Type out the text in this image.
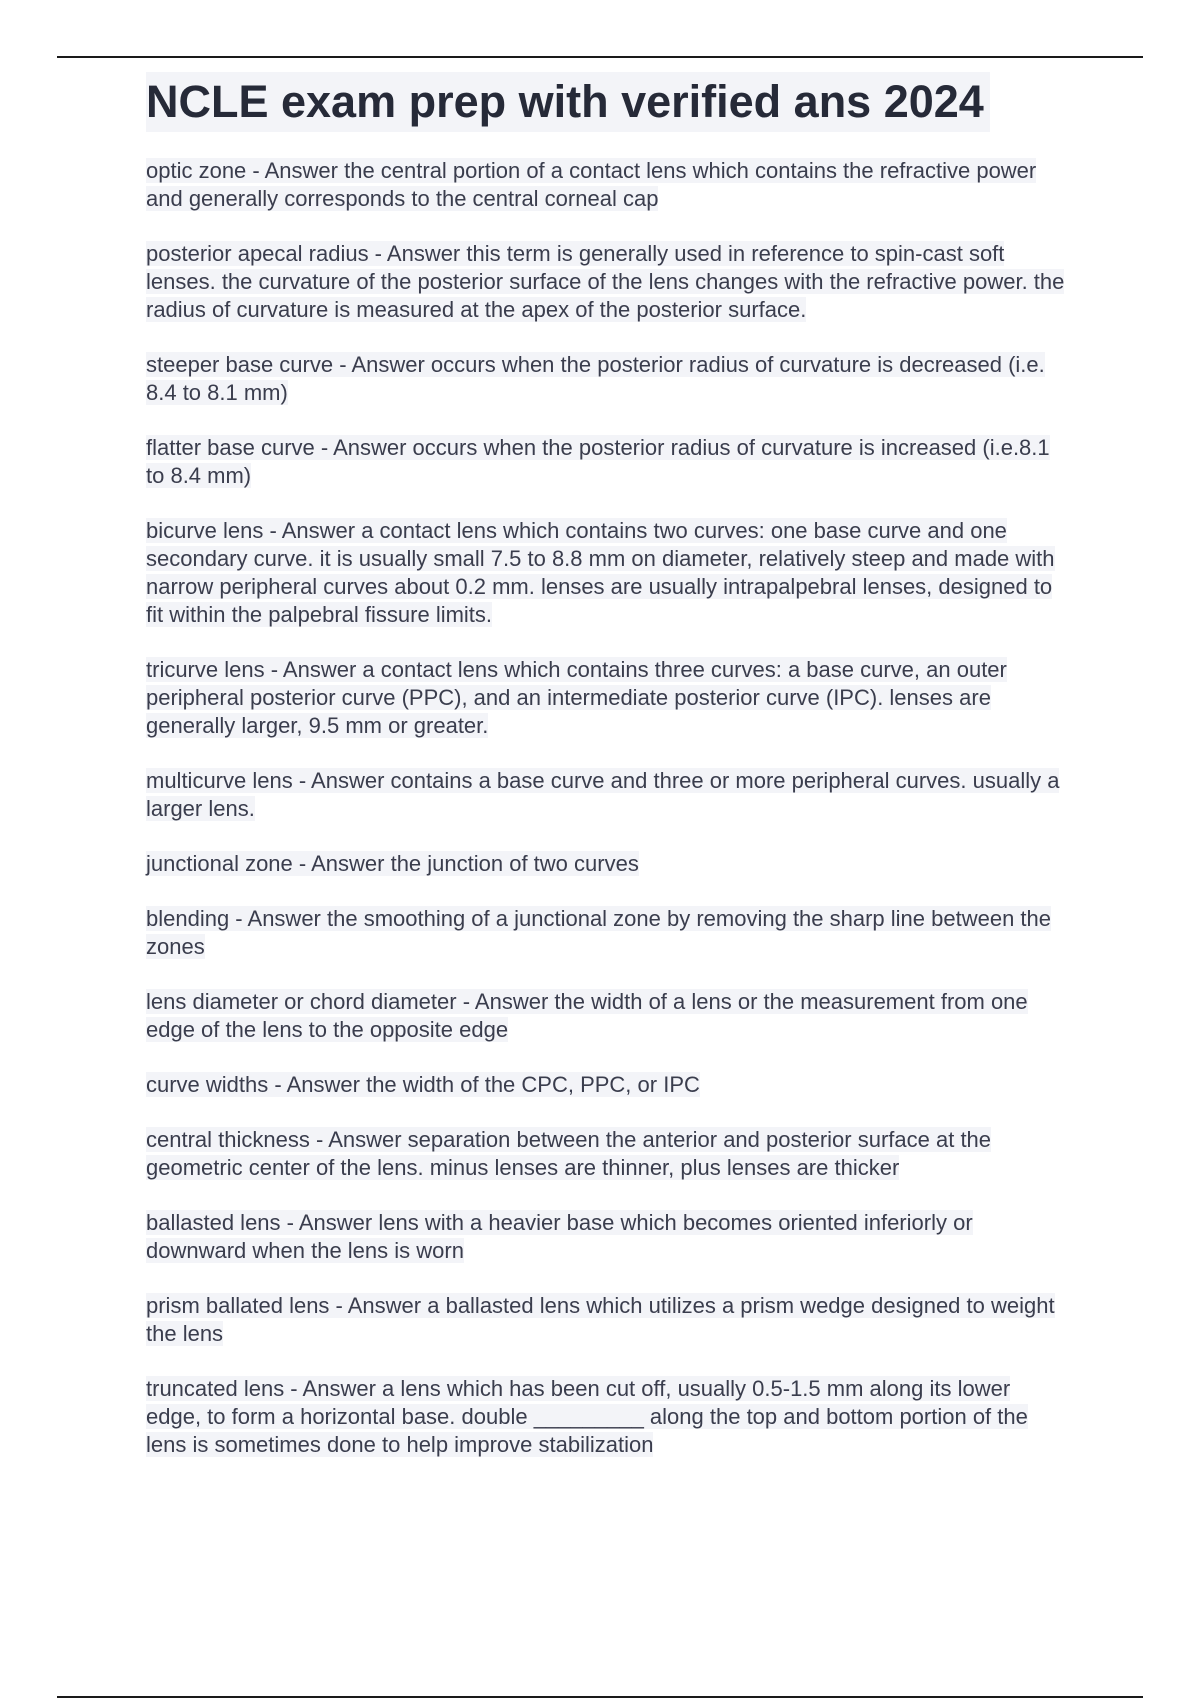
NCLE exam prep with verified ans 2024

optic zone - Answer the central portion of a contact lens which contains the refractive power and generally corresponds to the central corneal cap

posterior apecal radius - Answer this term is generally used in reference to spin-cast soft lenses. the curvature of the posterior surface of the lens changes with the refractive power. the radius of curvature is measured at the apex of the posterior surface.

steeper base curve - Answer occurs when the posterior radius of curvature is decreased (i.e. 8.4 to 8.1 mm)

flatter base curve - Answer occurs when the posterior radius of curvature is increased (i.e.8.1 to 8.4 mm)

bicurve lens - Answer a contact lens which contains two curves: one base curve and one secondary curve. it is usually small 7.5 to 8.8 mm on diameter, relatively steep and made with narrow peripheral curves about 0.2 mm. lenses are usually intrapalpebral lenses, designed to fit within the palpebral fissure limits.

tricurve lens - Answer a contact lens which contains three curves: a base curve, an outer peripheral posterior curve (PPC), and an intermediate posterior curve (IPC). lenses are generally larger, 9.5 mm or greater.

multicurve lens - Answer contains a base curve and three or more peripheral curves. usually a larger lens.

junctional zone - Answer the junction of two curves

blending - Answer the smoothing of a junctional zone by removing the sharp line between the zones

lens diameter or chord diameter - Answer the width of a lens or the measurement from one edge of the lens to the opposite edge

curve widths - Answer the width of the CPC, PPC, or IPC

central thickness - Answer separation between the anterior and posterior surface at the geometric center of the lens. minus lenses are thinner, plus lenses are thicker

ballasted lens - Answer lens with a heavier base which becomes oriented inferiorly or downward when the lens is worn

prism ballated lens - Answer a ballasted lens which utilizes a prism wedge designed to weight the lens

truncated lens - Answer a lens which has been cut off, usually 0.5-1.5 mm along its lower edge, to form a horizontal base. double _________ along the top and bottom portion of the lens is sometimes done to help improve stabilization
